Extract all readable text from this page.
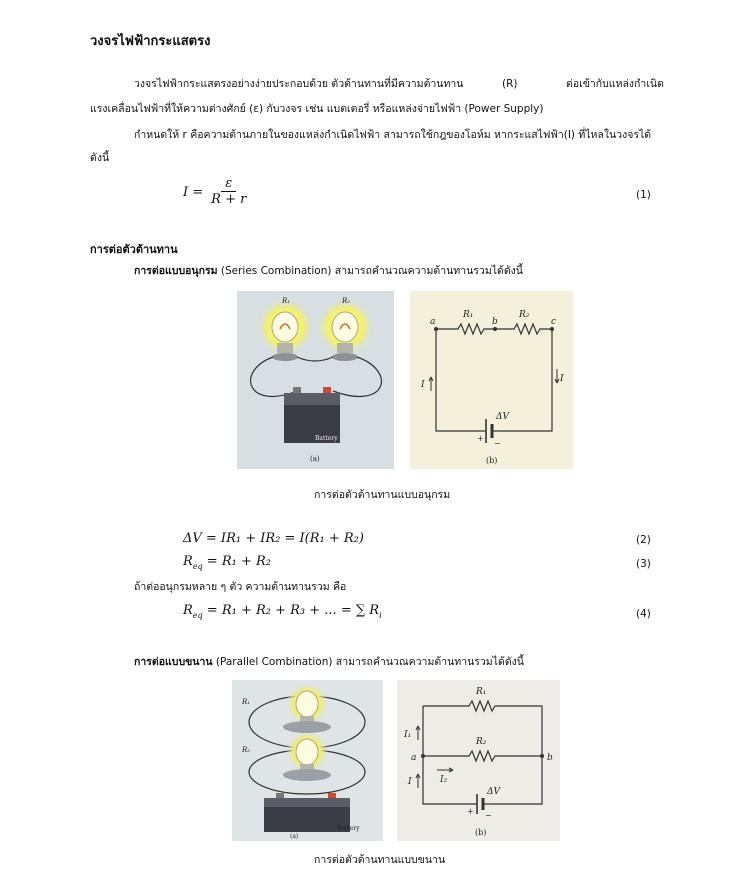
วงจรไฟฟ้ากระแสตรง
วงจรไฟฟ้ากระแสตรงอย่างง่ายประกอบด้วย ตัวต้านทานที่มีความต้านทาน	(R)	ต่อเข้ากับแหล่งกำเนิด
แรงเคลื่อนไฟฟ้าที่ให้ความต่างศักย์ (ε) กับวงจร เช่น แบตเตอรี่ หรือแหล่งจ่ายไฟฟ้า (Power Supply)
กำหนดให้ r คือความต้านภายในของแหล่งกำเนิดไฟฟ้า สามารถใช้กฎของโอห์ม หากระแสไฟฟ้า(I) ที่ไหลในวงจรได้
ดังนี้
$I = \frac{\varepsilon}{R + r}$	(1)
การต่อตัวต้านทาน
การต่อแบบอนุกรม (Series Combination) สามารถคำนวณความต้านทานรวมได้ดังนี้
Battery
R₁	R₂
(a)
a	b	c
R₁	R₂
I
I
ΔV
+
−
(b)
การต่อตัวต้านทานแบบอนุกรม
ΔV = IR₁ + IR₂ = I(R₁ + R₂)	(2)
$R_{eq} = R_1 + R_2$	(3)
ถ้าต่ออนุกรมหลาย ๆ ตัว ความต้านทานรวม คือ
$R_{eq} = R_1 + R_2 + R_3$ + ... = ∑ $R_i$	(4)
การต่อแบบขนาน (Parallel Combination) สามารถคำนวณความต้านทานรวมได้ดังนี้
R₁
R₂
Battery
(a)
R₁
R₂
I₁
a	b
I₂
I
ΔV
+ −
(b)
การต่อตัวต้านทานแบบขนาน
